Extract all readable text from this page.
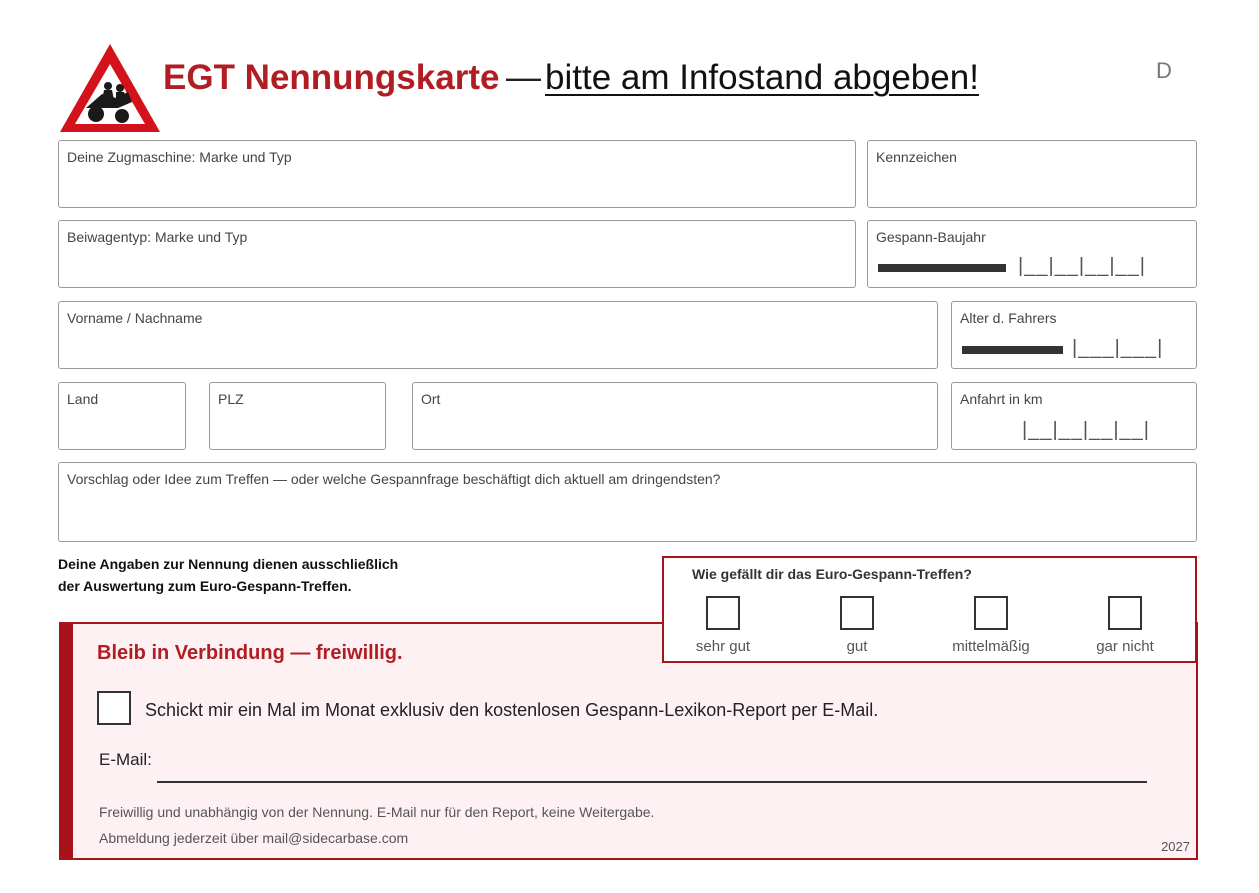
EGT Nennungskarte — bitte am Infostand abgeben!	D
Deine Zugmaschine: Marke und Typ	Kennzeichen
Beiwagentyp: Marke und Typ	Gespann-Baujahr
|__|__|__|__|
Vorname / Nachname	Alter d. Fahrers
|___|___|
Land	PLZ	Ort	Anfahrt in km
|__|__|__|__|
Vorschlag oder Idee zum Treffen — oder welche Gespannfrage beschäftigt dich aktuell am dringendsten?
Deine Angaben zur Nennung dienen ausschließlich
der Auswertung zum Euro-Gespann-Treffen.
Bleib in Verbindung — freiwillig.
Schickt mir ein Mal im Monat exklusiv den kostenlosen Gespann-Lexikon-Report per E-Mail.
E-Mail:
Freiwillig und unabhängig von der Nennung. E-Mail nur für den Report, keine Weitergabe.
Abmeldung jederzeit über mail@sidecarbase.com
2027
Wie gefällt dir das Euro-Gespann-Treffen?
sehr gut	gut	mittelmäßig	gar nicht
